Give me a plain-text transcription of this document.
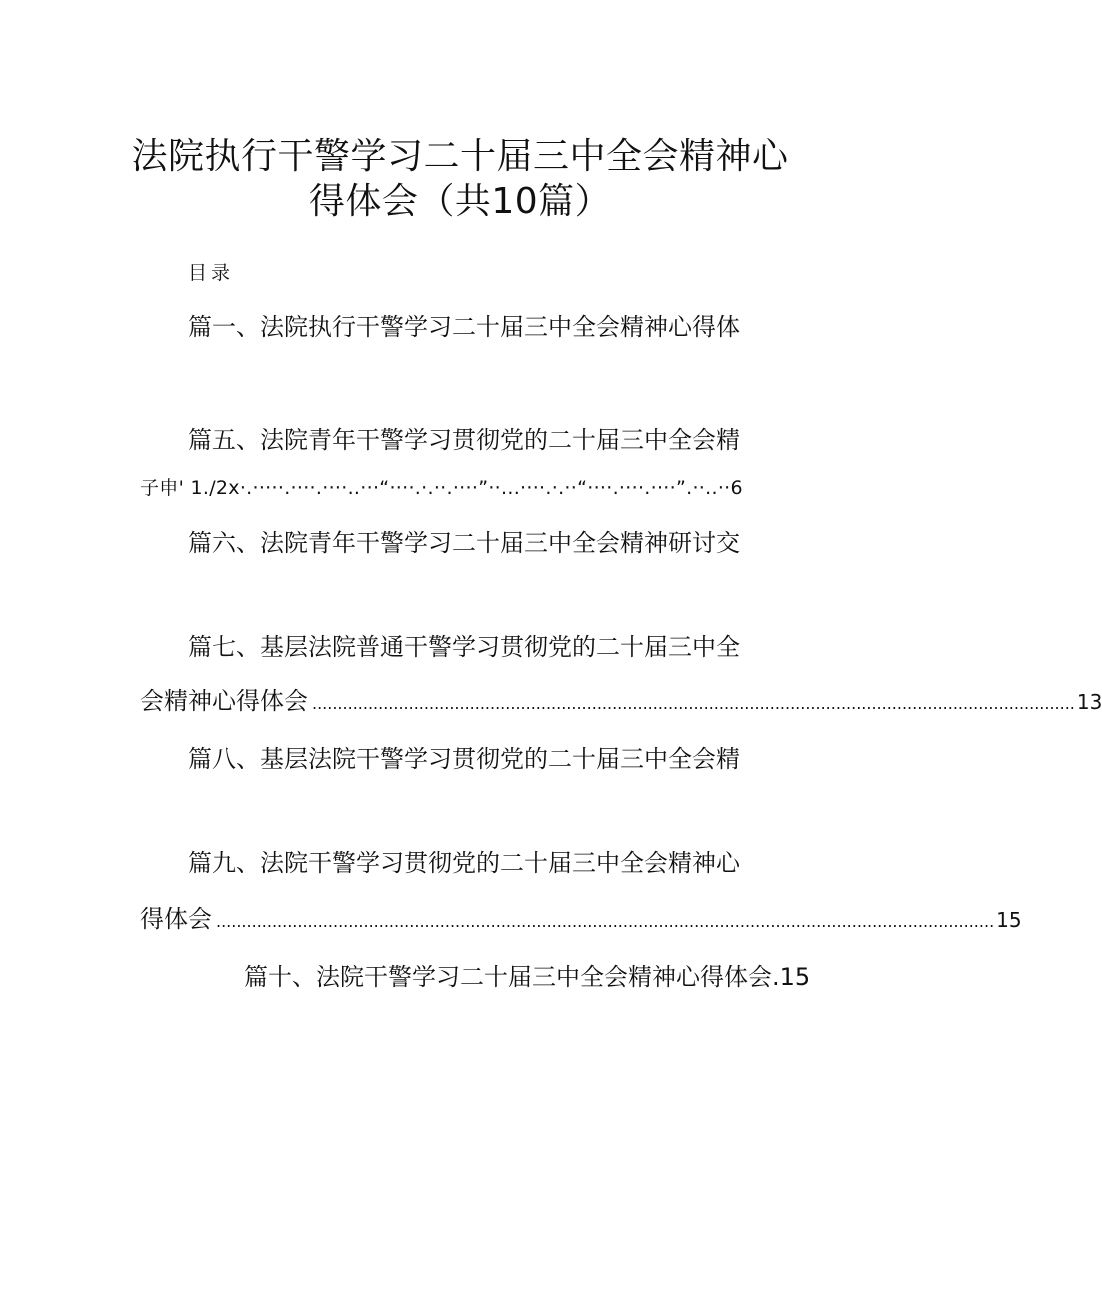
法院执行干警学习二十届三中全会精神心
得体会（共10篇）
目录
篇一、法院执行干警学习二十届三中全会精神心得体
篇五、法院青年干警学习贯彻党的二十届三中全会精
子申' 1./2x·.·····.····.····..···“····.·.··.····”··...····.·.··“····.····.····”.··..··6
篇六、法院青年干警学习二十届三中全会精神研讨交
篇七、基层法院普通干警学习贯彻党的二十届三中全
会精神心得体会 ...................................................................................................................................................... 13
篇八、基层法院干警学习贯彻党的二十届三中全会精
篇九、法院干警学习贯彻党的二十届三中全会精神心
得体会 ......................................................................................................................................................... 15
篇十、法院干警学习二十届三中全会精神心得体会.15
